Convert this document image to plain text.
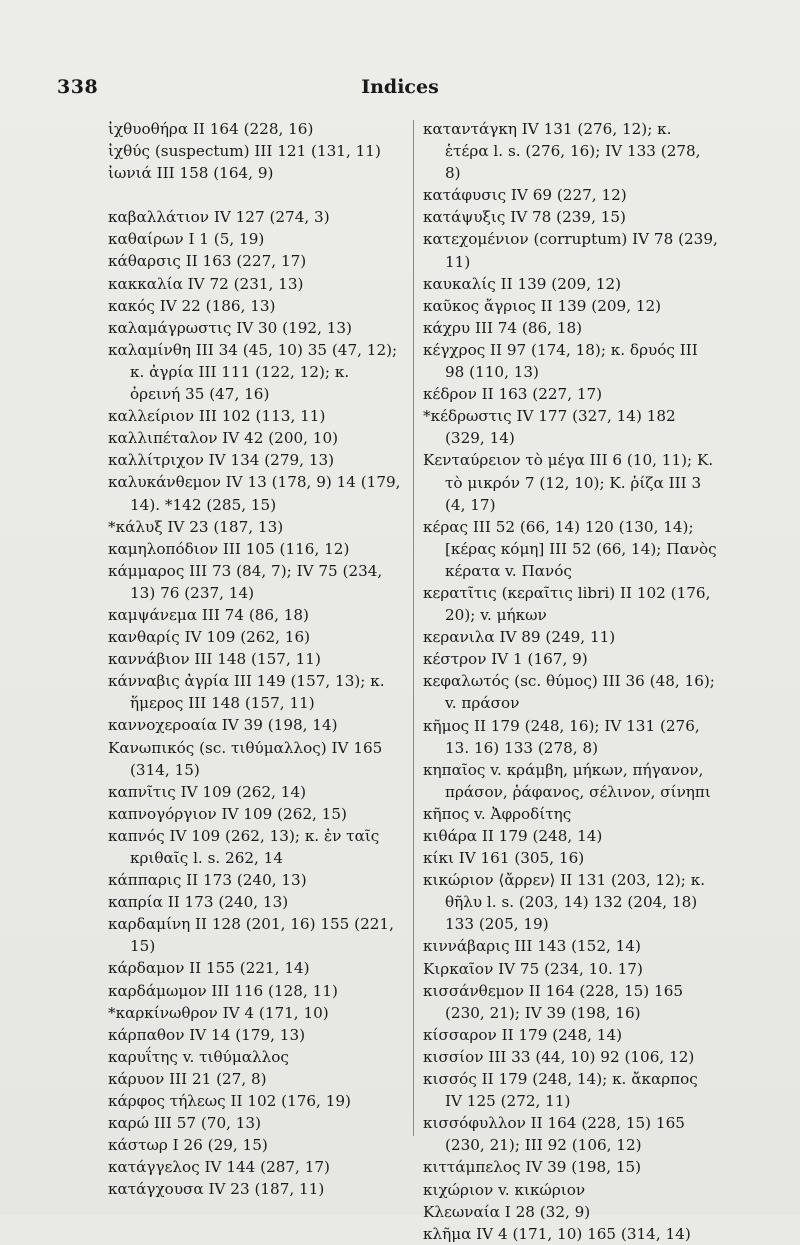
338	Indices
ἰχθυοθήρα II 164 (228, 16)
ἰχθύς (suspectum) III 121 (131, 11)
ἰωνιά III 158 (164, 9)
καβαλλάτιον IV 127 (274, 3)
καθαίρων I 1 (5, 19)
κάθαρσις II 163 (227, 17)
κακκαλία IV 72 (231, 13)
κακός IV 22 (186, 13)
καλαμάγρωστις IV 30 (192, 13)
καλαμίνθη III 34 (45, 10) 35 (47, 12); κ. ἀγρία III 111 (122, 12); κ. ὀρεινή 35 (47, 16)
καλλείριον III 102 (113, 11)
καλλιπέταλον IV 42 (200, 10)
καλλίτριχον IV 134 (279, 13)
καλυκάνθεμον IV 13 (178, 9) 14 (179, 14). *142 (285, 15)
*κάλυξ IV 23 (187, 13)
καμηλοπόδιον III 105 (116, 12)
κάμμαρος III 73 (84, 7); IV 75 (234, 13) 76 (237, 14)
καμψάνεμα III 74 (86, 18)
κανθαρίς IV 109 (262, 16)
καννάβιον III 148 (157, 11)
κάνναβις ἀγρία III 149 (157, 13); κ. ἥμερος III 148 (157, 11)
καννοχεροαία IV 39 (198, 14)
Κανωπικός (sc. τιθύμαλλος) IV 165 (314, 15)
καπνῖτις IV 109 (262, 14)
καπνογόργιον IV 109 (262, 15)
καπνός IV 109 (262, 13); κ. ἐν ταῖς κριθαῖς l. s. 262, 14
κάππαρις II 173 (240, 13)
καπρία II 173 (240, 13)
καρδαμίνη II 128 (201, 16) 155 (221, 15)
κάρδαμον II 155 (221, 14)
καρδάμωμον III 116 (128, 11)
*καρκίνωθρον IV 4 (171, 10)
κάρπαθον IV 14 (179, 13)
καρυΐτης v. τιθύμαλλος
κάρυον III 21 (27, 8)
κάρφος τήλεως II 102 (176, 19)
καρώ III 57 (70, 13)
κάστωρ I 26 (29, 15)
κατάγγελος IV 144 (287, 17)
κατάγχουσα IV 23 (187, 11)
καταντάγκη IV 131 (276, 12); κ. ἑτέρα l. s. (276, 16); IV 133 (278, 8)
κατάφυσις IV 69 (227, 12)
κατάψυξις IV 78 (239, 15)
κατεχομένιον (corruptum) IV 78 (239, 11)
καυκαλίς II 139 (209, 12)
καῦκος ἄγριος II 139 (209, 12)
κάχρυ III 74 (86, 18)
κέγχρος II 97 (174, 18); κ. δρυός III 98 (110, 13)
κέδρον II 163 (227, 17)
*κέδρωστις IV 177 (327, 14) 182 (329, 14)
Κενταύρειον τὸ μέγα III 6 (10, 11); Κ. τὸ μικρόν 7 (12, 10); Κ. ῥίζα III 3 (4, 17)
κέρας III 52 (66, 14) 120 (130, 14); [κέρας κόμη] III 52 (66, 14); Πανὸς κέρατα v. Πανός
κερατῖτις (κεραῖτις libri) II 102 (176, 20); v. μήκων
κερανιλα IV 89 (249, 11)
κέστρον IV 1 (167, 9)
κεφαλωτός (sc. θύμος) III 36 (48, 16); v. πράσον
κῆμος II 179 (248, 16); IV 131 (276, 13. 16) 133 (278, 8)
κηπαῖος v. κράμβη, μήκων, πήγανον, πράσον, ῥάφανος, σέλινον, σίνηπι
κῆπος v. Ἀφροδίτης
κιθάρα II 179 (248, 14)
κίκι IV 161 (305, 16)
κικώριον ⟨ἄρρεν⟩ II 131 (203, 12); κ. θῆλυ l. s. (203, 14) 132 (204, 18) 133 (205, 19)
κιννάβαρις III 143 (152, 14)
Κιρκαῖον IV 75 (234, 10. 17)
κισσάνθεμον II 164 (228, 15) 165 (230, 21); IV 39 (198, 16)
κίσσαρον II 179 (248, 14)
κισσίον III 33 (44, 10) 92 (106, 12)
κισσός II 179 (248, 14); κ. ἄκαρπος IV 125 (272, 11)
κισσόφυλλον II 164 (228, 15) 165 (230, 21); III 92 (106, 12)
κιττάμπελος IV 39 (198, 15)
κιχώριον v. κικώριον
Κλεωναία I 28 (32, 9)
κλῆμα IV 4 (171, 10) 165 (314, 14)
